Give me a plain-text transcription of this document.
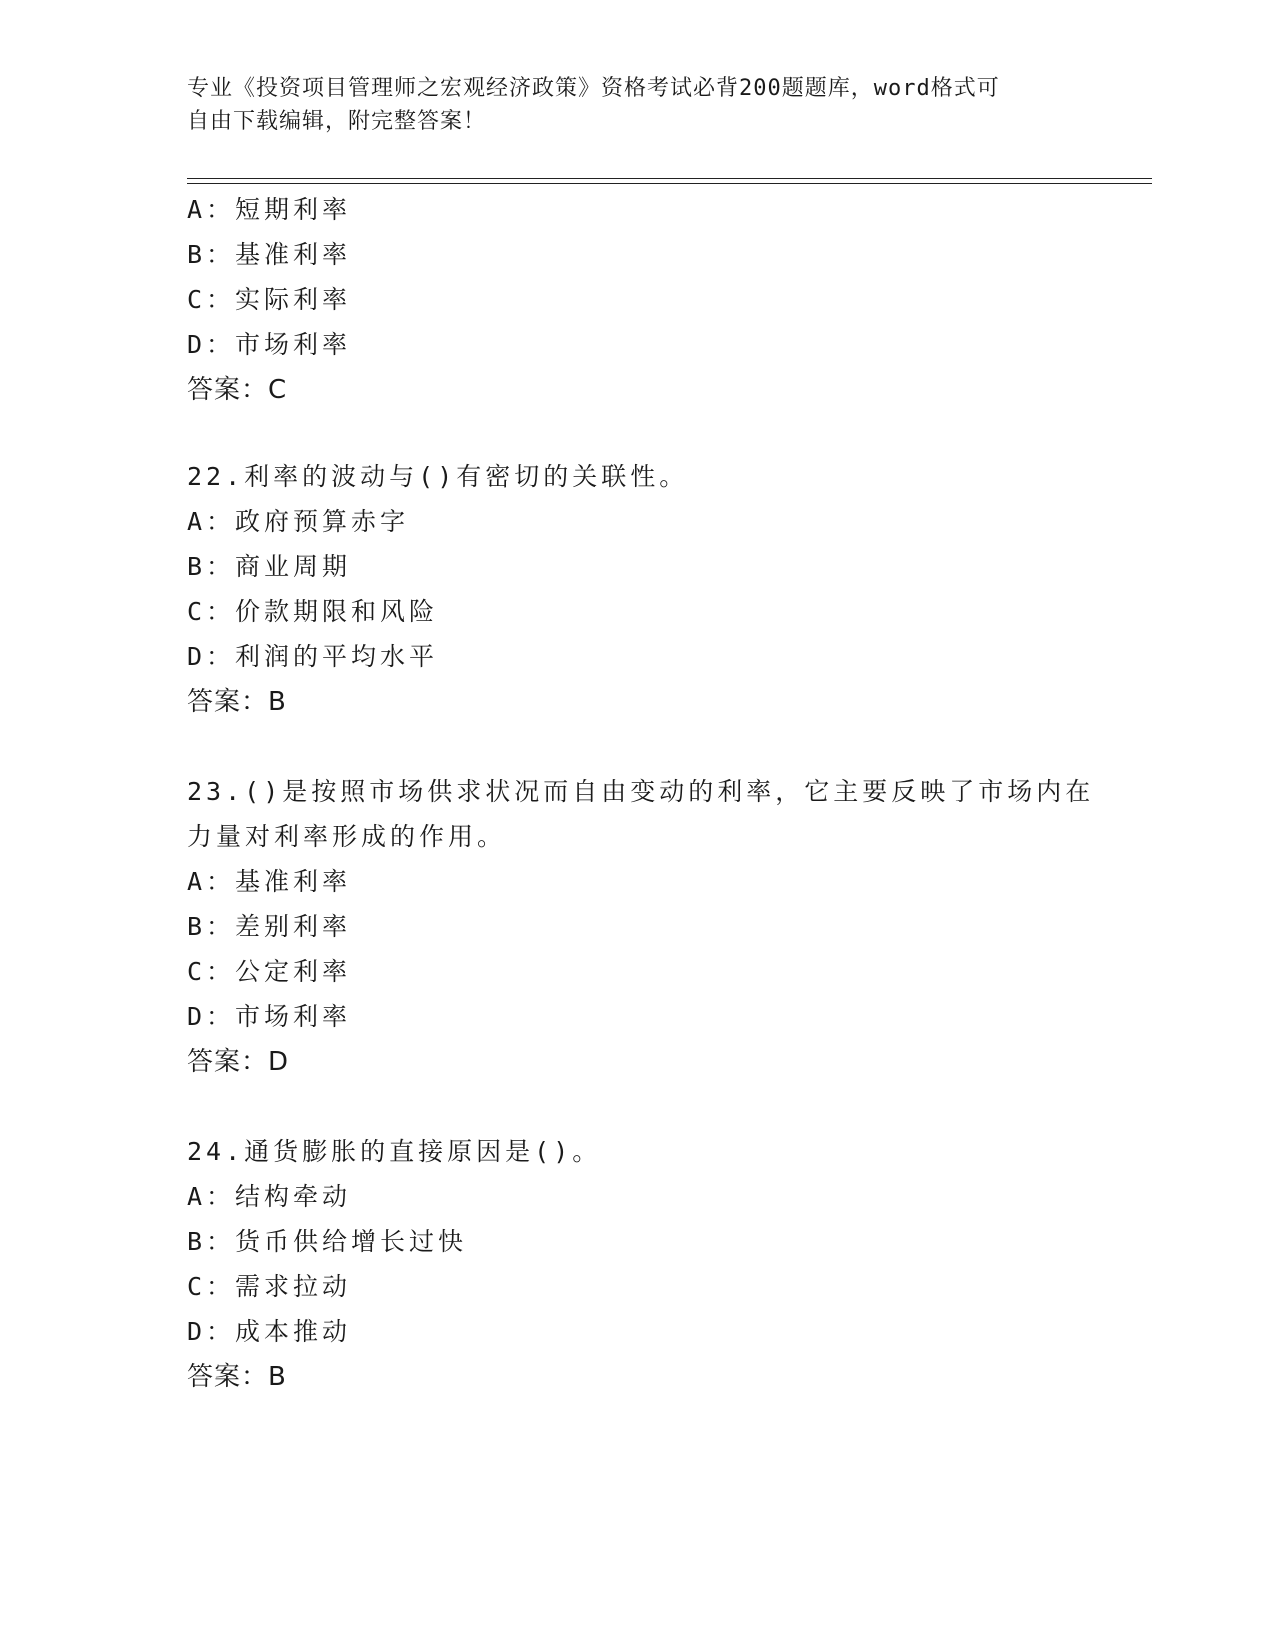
专业《投资项目管理师之宏观经济政策》资格考试必背200题题库，word格式可
自由下载编辑，附完整答案！
A：短期利率
B：基准利率
C：实际利率
D：市场利率
答案：C
22.利率的波动与()有密切的关联性。
A：政府预算赤字
B：商业周期
C：价款期限和风险
D：利润的平均水平
答案：B
23.()是按照市场供求状况而自由变动的利率，它主要反映了市场内在
力量对利率形成的作用。
A：基准利率
B：差别利率
C：公定利率
D：市场利率
答案：D
24.通货膨胀的直接原因是()。
A：结构牵动
B：货币供给增长过快
C：需求拉动
D：成本推动
答案：B
